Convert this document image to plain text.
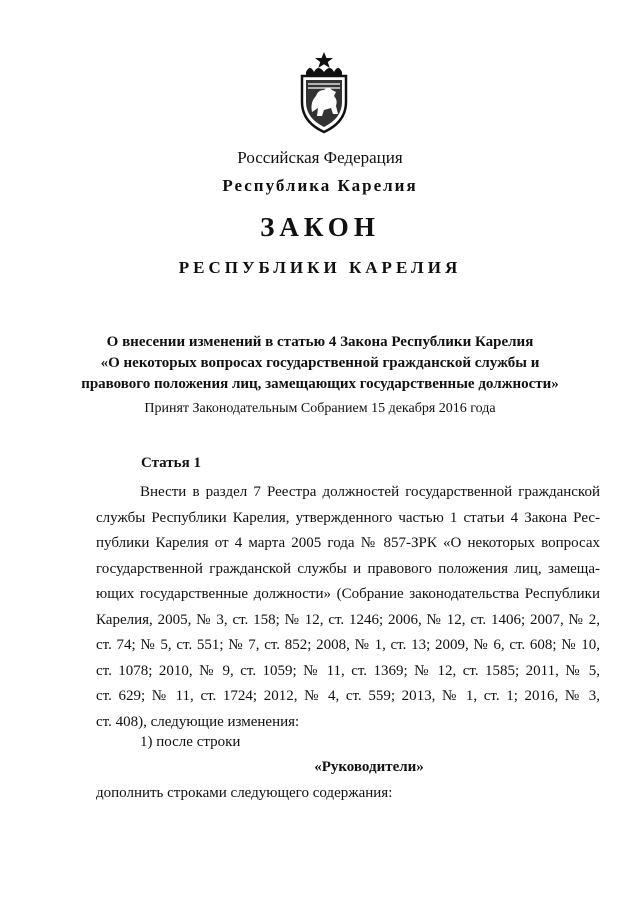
Российская Федерация
Республика Карелия
ЗАКОН
РЕСПУБЛИКИ КАРЕЛИЯ
О внесении изменений в статью 4 Закона Республики Карелия
«О некоторых вопросах государственной гражданской службы и
правового положения лиц, замещающих государственные должности»
Принят Законодательным Собранием 15 декабря 2016 года
Статья 1
Внести в раздел 7 Реестра должностей государственной гражданской
службы Республики Карелия, утвержденного частью 1 статьи 4 Закона Рес-
публики Карелия от 4 марта 2005 года № 857-ЗРК «О некоторых вопросах
государственной гражданской службы и правового положения лиц, замеща-
ющих государственные должности» (Собрание законодательства Республики
Карелия, 2005, № 3, ст. 158; № 12, ст. 1246; 2006, № 12, ст. 1406; 2007, № 2,
ст. 74; № 5, ст. 551; № 7, ст. 852; 2008, № 1, ст. 13; 2009, № 6, ст. 608; № 10,
ст. 1078; 2010, № 9, ст. 1059; № 11, ст. 1369; № 12, ст. 1585; 2011, № 5,
ст. 629; № 11, ст. 1724; 2012, № 4, ст. 559; 2013, № 1, ст. 1; 2016, № 3,
ст. 408), следующие изменения:
1) после строки
«Руководители»
дополнить строками следующего содержания:
